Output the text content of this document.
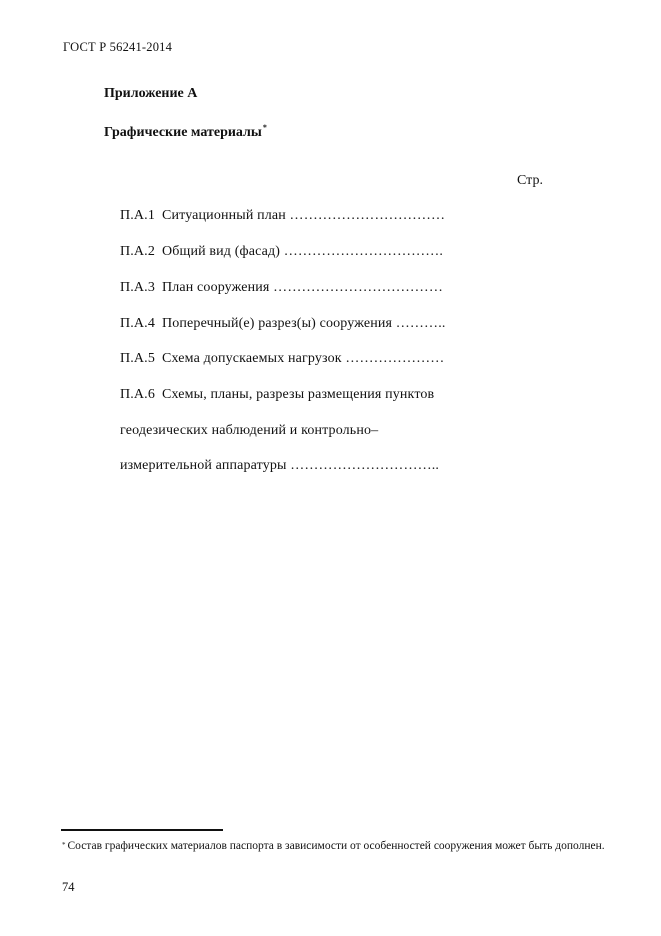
ГОСТ Р 56241-2014
Приложение А
Графические материалы*
Стр.
П.А.1 Ситуационный план ……………………………
П.А.2 Общий вид (фасад) …………………………….
П.А.3 План сооружения ………………………………
П.А.4 Поперечный(е) разрез(ы) сооружения ………..
П.А.5 Схема допускаемых нагрузок …………………
П.А.6 Схемы, планы, разрезы размещения пунктов
геодезических наблюдений и контрольно–
измерительной аппаратуры …………………………..
* Состав графических материалов паспорта в зависимости от особенностей сооружения может быть дополнен.
74
